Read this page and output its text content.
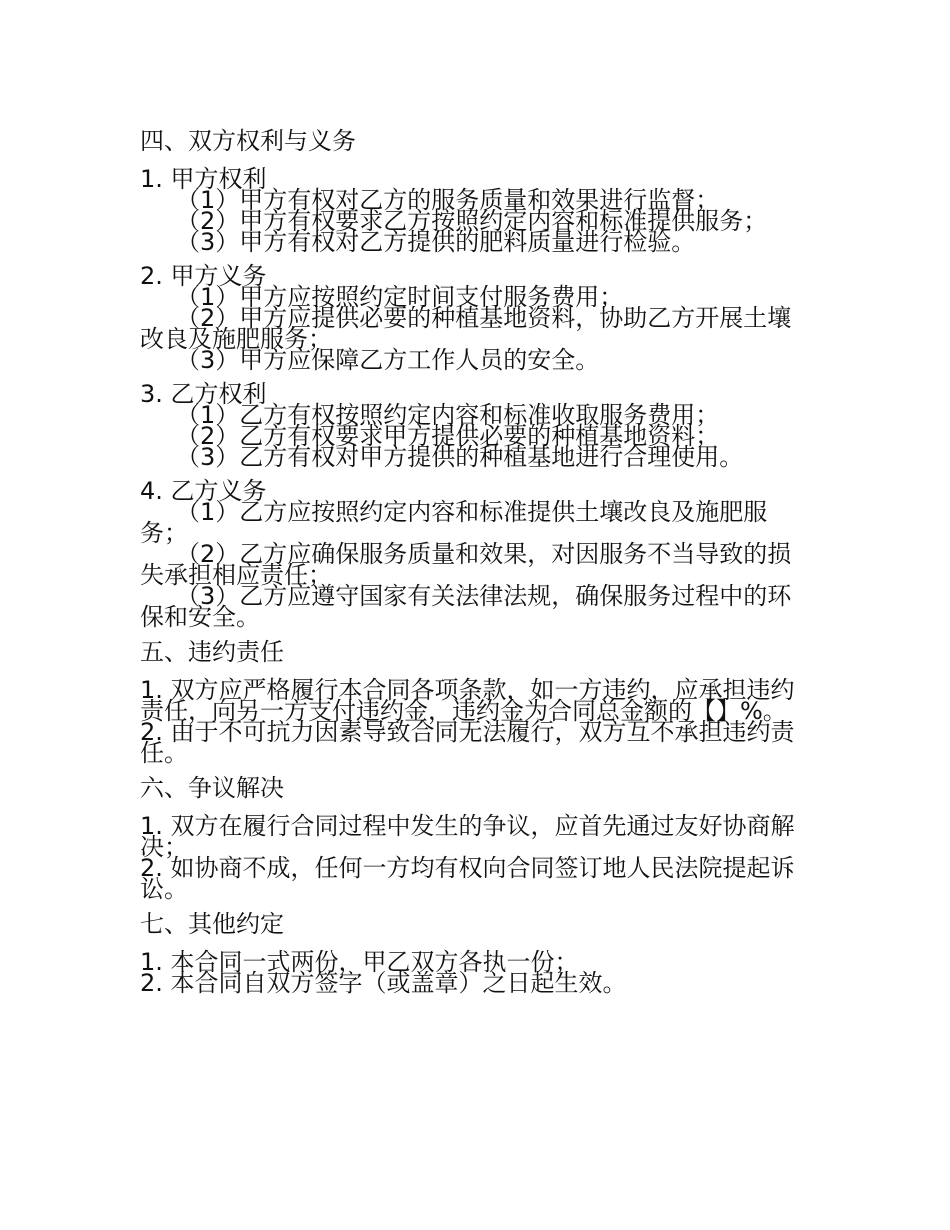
四、双方权利与义务
1. 甲方权利
（1）甲方有权对乙方的服务质量和效果进行监督；
（2）甲方有权要求乙方按照约定内容和标准提供服务；
（3）甲方有权对乙方提供的肥料质量进行检验。
2. 甲方义务
（1）甲方应按照约定时间支付服务费用；
（2）甲方应提供必要的种植基地资料，协助乙方开展土壤改良及施肥服务；
（3）甲方应保障乙方工作人员的安全。
3. 乙方权利
（1）乙方有权按照约定内容和标准收取服务费用；
（2）乙方有权要求甲方提供必要的种植基地资料；
（3）乙方有权对甲方提供的种植基地进行合理使用。
4. 乙方义务
（1）乙方应按照约定内容和标准提供土壤改良及施肥服务；
（2）乙方应确保服务质量和效果，对因服务不当导致的损失承担相应责任；
（3）乙方应遵守国家有关法律法规，确保服务过程中的环保和安全。
五、违约责任
1. 双方应严格履行本合同各项条款，如一方违约，应承担违约责任，向另一方支付违约金，违约金为合同总金额的【】%。
2. 由于不可抗力因素导致合同无法履行，双方互不承担违约责任。
六、争议解决
1. 双方在履行合同过程中发生的争议，应首先通过友好协商解决；
2. 如协商不成，任何一方均有权向合同签订地人民法院提起诉讼。
七、其他约定
1. 本合同一式两份，甲乙双方各执一份；
2. 本合同自双方签字（或盖章）之日起生效。
